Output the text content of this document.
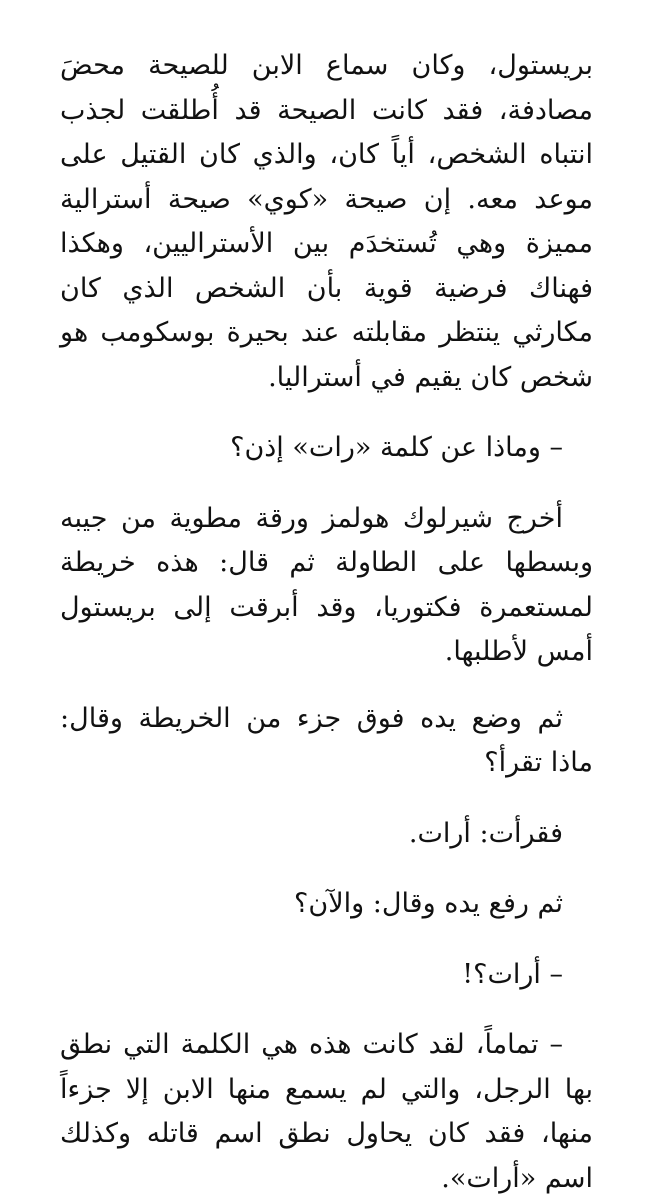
بريستول، وكان سماع الابن للصيحة محضَ مصادفة، فقد كانت الصيحة قد أُطلقت لجذب انتباه الشخص، أياً كان، والذي كان القتيل على موعد معه. إن صيحة «كوي» صيحة أسترالية مميزة وهي تُستخدَم بين الأستراليين، وهكذا فهناك فرضية قوية بأن الشخص الذي كان مكارثي ينتظر مقابلته عند بحيرة بوسكومب هو شخص كان يقيم في أستراليا.

– وماذا عن كلمة «رات» إذن؟

أخرج شيرلوك هولمز ورقة مطوية من جيبه وبسطها على الطاولة ثم قال: هذه خريطة لمستعمرة فكتوريا، وقد أبرقت إلى بريستول أمس لأطلبها.

ثم وضع يده فوق جزء من الخريطة وقال: ماذا تقرأ؟

فقرأت: أرات.

ثم رفع يده وقال: والآن؟

– أرات؟!

– تماماً، لقد كانت هذه هي الكلمة التي نطق بها الرجل، والتي لم يسمع منها الابن إلا جزءاً منها، فقد كان يحاول نطق اسم قاتله وكذلك اسم «أرات».
